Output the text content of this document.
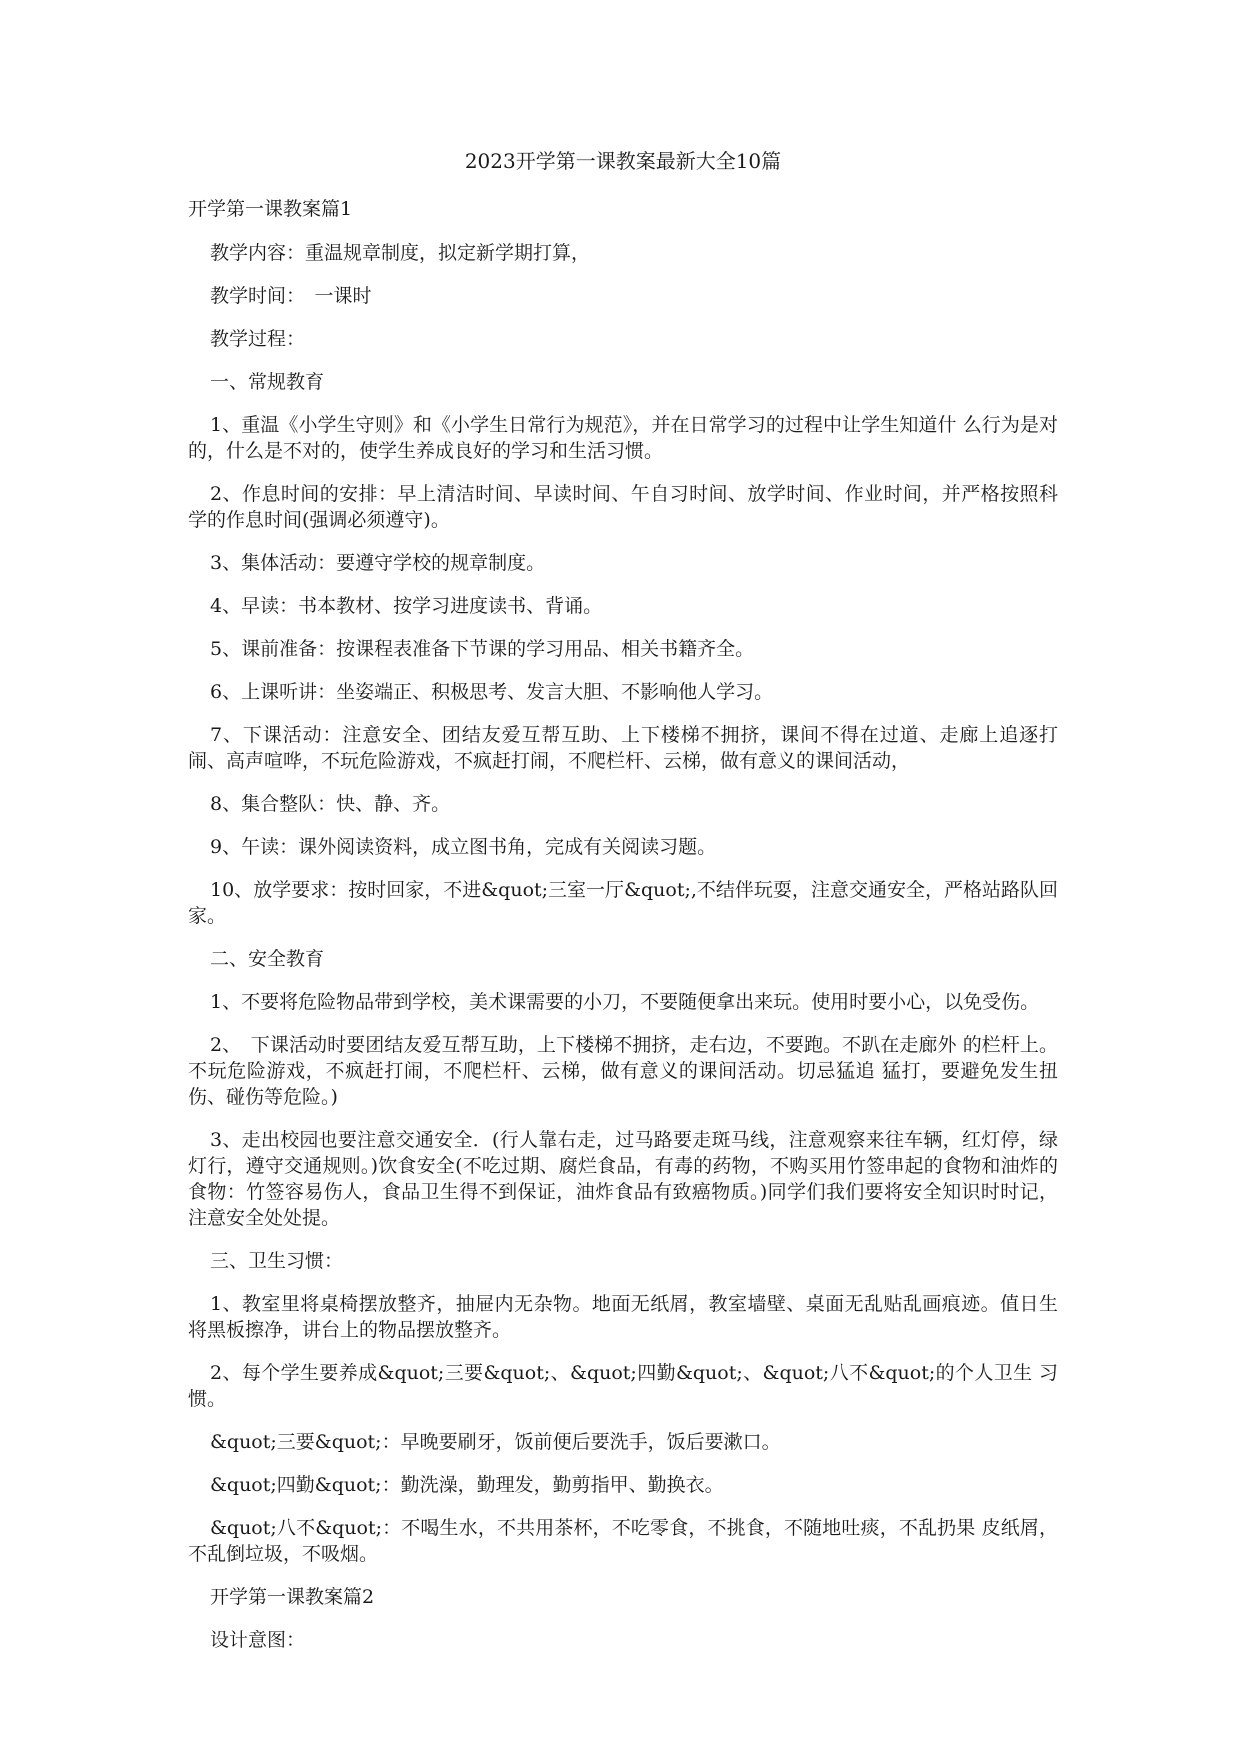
2023开学第一课教案最新大全10篇
开学第一课教案篇1
教学内容：重温规章制度，拟定新学期打算，
教学时间：　一课时
教学过程：
一、常规教育
1、重温《小学生守则》和《小学生日常行为规范》，并在日常学习的过程中让学生知道什 么行为是对的，什么是不对的，使学生养成良好的学习和生活习惯。
2、作息时间的安排：早上清洁时间、早读时间、午自习时间、放学时间、作业时间，并严格按照科学的作息时间(强调必须遵守)。
3、集体活动：要遵守学校的规章制度。
4、早读：书本教材、按学习进度读书、背诵。
5、课前准备：按课程表准备下节课的学习用品、相关书籍齐全。
6、上课听讲：坐姿端正、积极思考、发言大胆、不影响他人学习。
7、下课活动：注意安全、团结友爱互帮互助、上下楼梯不拥挤，课间不得在过道、走廊上追逐打闹、高声喧哗，不玩危险游戏，不疯赶打闹，不爬栏杆、云梯，做有意义的课间活动，
8、集合整队：快、静、齐。
9、午读：课外阅读资料，成立图书角，完成有关阅读习题。
10、放学要求：按时回家，不进&quot;三室一厅&quot;,不结伴玩耍，注意交通安全，严格站路队回家。
二、安全教育
1、不要将危险物品带到学校，美术课需要的小刀，不要随便拿出来玩。使用时要小心，以免受伤。
2、　下课活动时要团结友爱互帮互助，上下楼梯不拥挤，走右边，不要跑。不趴在走廊外 的栏杆上。不玩危险游戏，不疯赶打闹，不爬栏杆、云梯，做有意义的课间活动。切忌猛追 猛打，要避免发生扭伤、碰伤等危险。)
3、走出校园也要注意交通安全．(行人靠右走，过马路要走斑马线，注意观察来往车辆，红灯停，绿灯行，遵守交通规则。)饮食安全(不吃过期、腐烂食品，有毒的药物，不购买用竹签串起的食物和油炸的食物：竹签容易伤人，食品卫生得不到保证，油炸食品有致癌物质。)同学们我们要将安全知识时时记，注意安全处处提。
三、卫生习惯：
1、教室里将桌椅摆放整齐，抽屉内无杂物。地面无纸屑，教室墙壁、桌面无乱贴乱画痕迹。值日生将黑板擦净，讲台上的物品摆放整齐。
2、每个学生要养成&quot;三要&quot;、&quot;四勤&quot;、&quot;八不&quot;的个人卫生 习惯。
&quot;三要&quot;：早晚要刷牙，饭前便后要洗手，饭后要漱口。
&quot;四勤&quot;：勤洗澡，勤理发，勤剪指甲、勤换衣。
&quot;八不&quot;：不喝生水，不共用茶杯，不吃零食，不挑食，不随地吐痰，不乱扔果 皮纸屑，不乱倒垃圾，不吸烟。
开学第一课教案篇2
设计意图：
